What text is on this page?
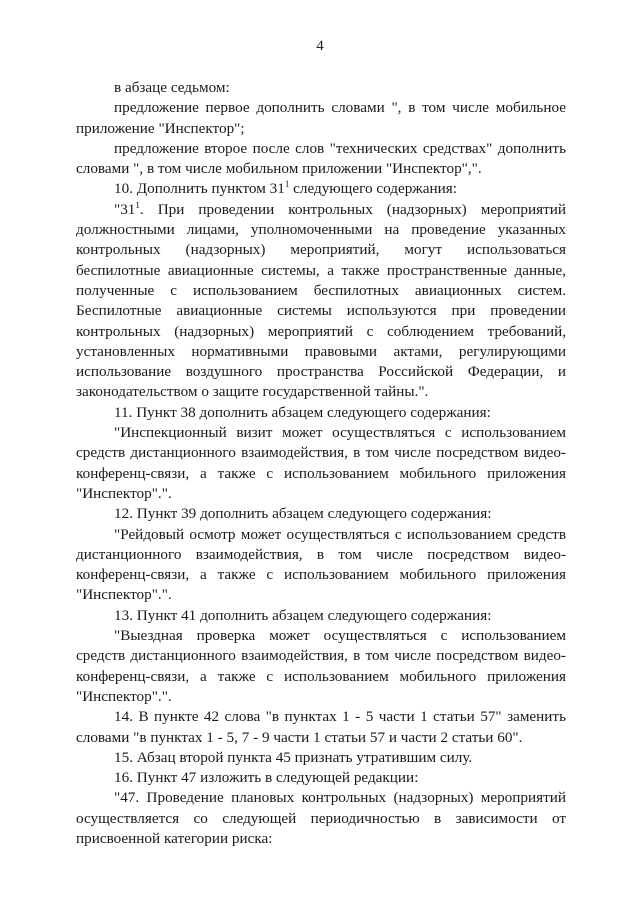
4

в абзаце седьмом:

предложение первое дополнить словами ", в том числе мобильное приложение "Инспектор";

предложение второе после слов "технических средствах" дополнить словами ", в том числе мобильном приложении "Инспектор",".

10. Дополнить пунктом $31^1$ следующего содержания:

"$31^1$. При проведении контрольных (надзорных) мероприятий должностными лицами, уполномоченными на проведение указанных контрольных (надзорных) мероприятий, могут использоваться беспилотные авиационные системы, а также пространственные данные, полученные с использованием беспилотных авиационных систем. Беспилотные авиационные системы используются при проведении контрольных (надзорных) мероприятий с соблюдением требований, установленных нормативными правовыми актами, регулирующими использование воздушного пространства Российской Федерации, и законодательством о защите государственной тайны.".

11. Пункт 38 дополнить абзацем следующего содержания:

"Инспекционный визит может осуществляться с использованием средств дистанционного взаимодействия, в том числе посредством видео-конференц-связи, а также с использованием мобильного приложения "Инспектор".".

12. Пункт 39 дополнить абзацем следующего содержания:

"Рейдовый осмотр может осуществляться с использованием средств дистанционного взаимодействия, в том числе посредством видео-конференц-связи, а также с использованием мобильного приложения "Инспектор".".

13. Пункт 41 дополнить абзацем следующего содержания:

"Выездная проверка может осуществляться с использованием средств дистанционного взаимодействия, в том числе посредством видео-конференц-связи, а также с использованием мобильного приложения "Инспектор".".

14. В пункте 42 слова "в пунктах 1 - 5 части 1 статьи 57" заменить словами "в пунктах 1 - 5, 7 - 9 части 1 статьи 57 и части 2 статьи 60".

15. Абзац второй пункта 45 признать утратившим силу.

16. Пункт 47 изложить в следующей редакции:

"47. Проведение плановых контрольных (надзорных) мероприятий осуществляется со следующей периодичностью в зависимости от присвоенной категории риска:
